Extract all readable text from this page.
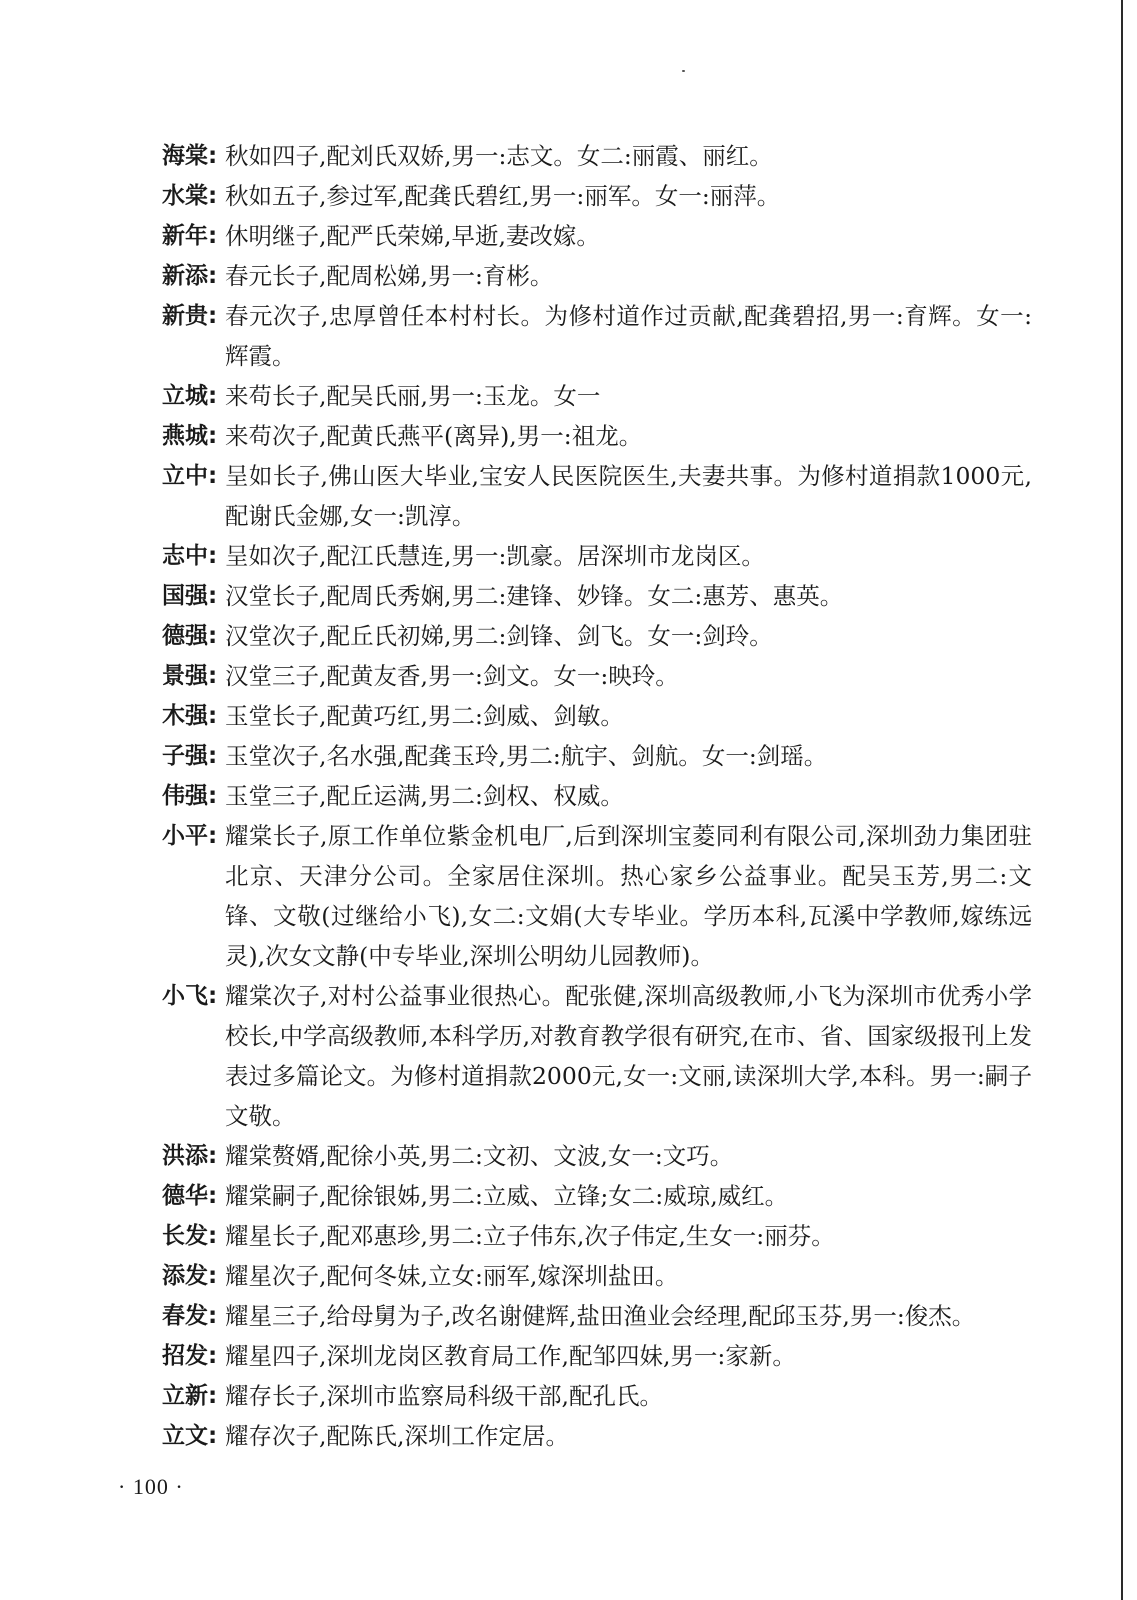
海棠: 秋如四子,配刘氏双娇,男一:志文。女二:丽霞、丽红。

水棠: 秋如五子,参过军,配龚氏碧红,男一:丽军。女一:丽萍。

新年: 休明继子,配严氏荣娣,早逝,妻改嫁。

新添: 春元长子,配周松娣,男一:育彬。

新贵: 春元次子,忠厚曾任本村村长。为修村道作过贡献,配龚碧招,男一:育辉。女一:辉霞。

立城: 来苟长子,配吴氏丽,男一:玉龙。女一

燕城: 来苟次子,配黄氏燕平(离异),男一:祖龙。

立中: 呈如长子,佛山医大毕业,宝安人民医院医生,夫妻共事。为修村道捐款1000元,配谢氏金娜,女一:凯淳。

志中: 呈如次子,配江氏慧连,男一:凯豪。居深圳市龙岗区。

国强: 汉堂长子,配周氏秀娴,男二:建锋、妙锋。女二:惠芳、惠英。

德强: 汉堂次子,配丘氏初娣,男二:剑锋、剑飞。女一:剑玲。

景强: 汉堂三子,配黄友香,男一:剑文。女一:映玲。

木强: 玉堂长子,配黄巧红,男二:剑威、剑敏。

子强: 玉堂次子,名水强,配龚玉玲,男二:航宇、剑航。女一:剑瑶。

伟强: 玉堂三子,配丘运满,男二:剑权、权威。

小平: 耀棠长子,原工作单位紫金机电厂,后到深圳宝菱同利有限公司,深圳劲力集团驻北京、天津分公司。全家居住深圳。热心家乡公益事业。配吴玉芳,男二:文锋、文敬(过继给小飞),女二:文娟(大专毕业。学历本科,瓦溪中学教师,嫁练远灵),次女文静(中专毕业,深圳公明幼儿园教师)。

小飞: 耀棠次子,对村公益事业很热心。配张健,深圳高级教师,小飞为深圳市优秀小学校长,中学高级教师,本科学历,对教育教学很有研究,在市、省、国家级报刊上发表过多篇论文。为修村道捐款2000元,女一:文丽,读深圳大学,本科。男一:嗣子文敬。

洪添: 耀棠赘婿,配徐小英,男二:文初、文波,女一:文巧。

德华: 耀棠嗣子,配徐银姊,男二:立威、立锋;女二:威琼,威红。

长发: 耀星长子,配邓惠珍,男二:立子伟东,次子伟定,生女一:丽芬。

添发: 耀星次子,配何冬妹,立女:丽军,嫁深圳盐田。

春发: 耀星三子,给母舅为子,改名谢健辉,盐田渔业会经理,配邱玉芬,男一:俊杰。

招发: 耀星四子,深圳龙岗区教育局工作,配邹四妹,男一:家新。

立新: 耀存长子,深圳市监察局科级干部,配孔氏。

立文: 耀存次子,配陈氏,深圳工作定居。

· 100 ·
